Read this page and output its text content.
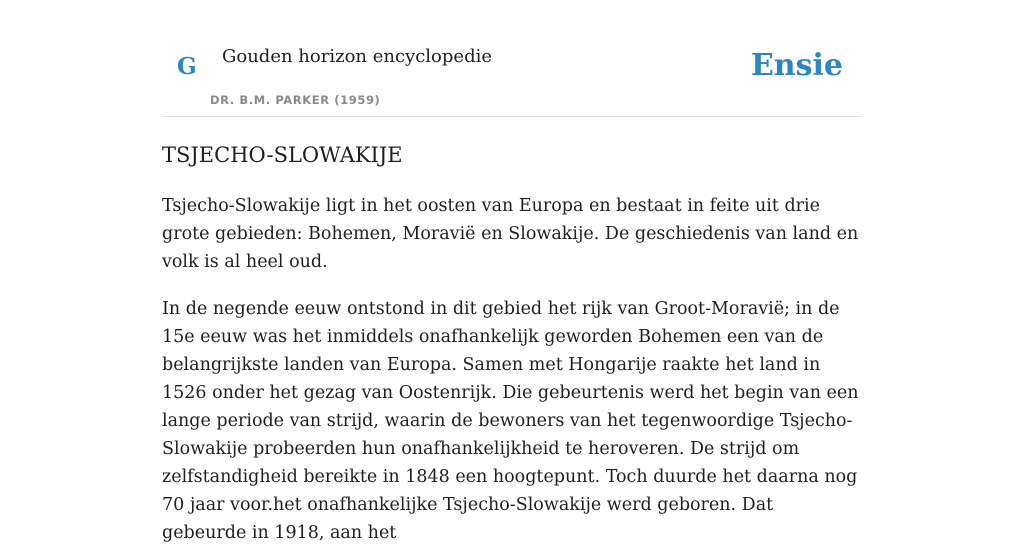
G Gouden horizon encyclopedie
DR. B.M. PARKER (1959)
Ensie
TSJECHO-SLOWAKIJE

Tsjecho-Slowakije ligt in het oosten van Europa en bestaat in feite uit drie grote gebieden: Bohemen, Moravië en Slowakije. De geschiedenis van land en volk is al heel oud.

In de negende eeuw ontstond in dit gebied het rijk van Groot-Moravië; in de 15e eeuw was het inmiddels onafhankelijk geworden Bohemen een van de belangrijkste landen van Europa. Samen met Hongarije raakte het land in 1526 onder het gezag van Oostenrijk. Die gebeurtenis werd het begin van een lange periode van strijd, waarin de bewoners van het tegenwoordige Tsjecho-Slowakije probeerden hun onafhankelijkheid te heroveren. De strijd om zelfstandigheid bereikte in 1848 een hoogtepunt. Toch duurde het daarna nog 70 jaar voor.het onafhankelijke Tsjecho-Slowakije werd geboren. Dat gebeurde in 1918, aan het
